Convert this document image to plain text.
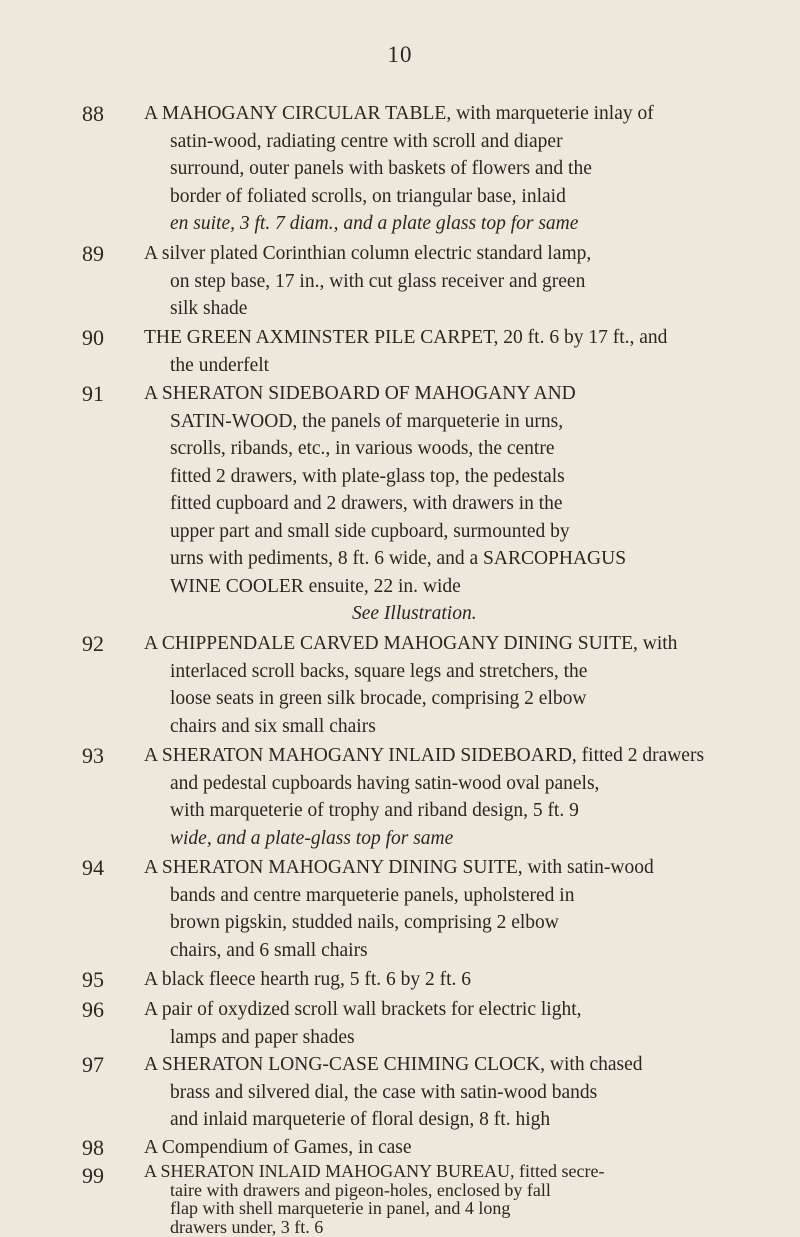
10
88	A MAHOGANY CIRCULAR TABLE, with marqueterie inlay of

satin-wood, radiating centre with scroll and diaper

surround, outer panels with baskets of flowers and the

border of foliated scrolls, on triangular base, inlaid

en suite, 3 ft. 7 diam., and a plate glass top for same

89	A silver plated Corinthian column electric standard lamp,

on step base, 17 in., with cut glass receiver and green

silk shade

90	THE GREEN AXMINSTER PILE CARPET, 20 ft. 6 by 17 ft., and

the underfelt

91	A SHERATON SIDEBOARD OF MAHOGANY AND

SATIN-WOOD, the panels of marqueterie in urns,

scrolls, ribands, etc., in various woods, the centre

fitted 2 drawers, with plate-glass top, the pedestals

fitted cupboard and 2 drawers, with drawers in the

upper part and small side cupboard, surmounted by

urns with pediments, 8 ft. 6 wide, and a SARCOPHAGUS

WINE COOLER ensuite, 22 in. wide

See Illustration.

92	A CHIPPENDALE CARVED MAHOGANY DINING SUITE, with

interlaced scroll backs, square legs and stretchers, the

loose seats in green silk brocade, comprising 2 elbow

chairs and six small chairs

93	A SHERATON MAHOGANY INLAID SIDEBOARD, fitted 2 drawers

and pedestal cupboards having satin-wood oval panels,

with marqueterie of trophy and riband design, 5 ft. 9

wide, and a plate-glass top for same

94	A SHERATON MAHOGANY DINING SUITE, with satin-wood

bands and centre marqueterie panels, upholstered in

brown pigskin, studded nails, comprising 2 elbow

chairs, and 6 small chairs

95	A black fleece hearth rug, 5 ft. 6 by 2 ft. 6

96	A pair of oxydized scroll wall brackets for electric light,

lamps and paper shades

97	A SHERATON LONG-CASE CHIMING CLOCK, with chased

brass and silvered dial, the case with satin-wood bands

and inlaid marqueterie of floral design, 8 ft. high

98	A Compendium of Games, in case

99	A SHERATON INLAID MAHOGANY BUREAU, fitted secre-

taire with drawers and pigeon-holes, enclosed by fall

flap with shell marqueterie in panel, and 4 long

drawers under, 3 ft. 6
